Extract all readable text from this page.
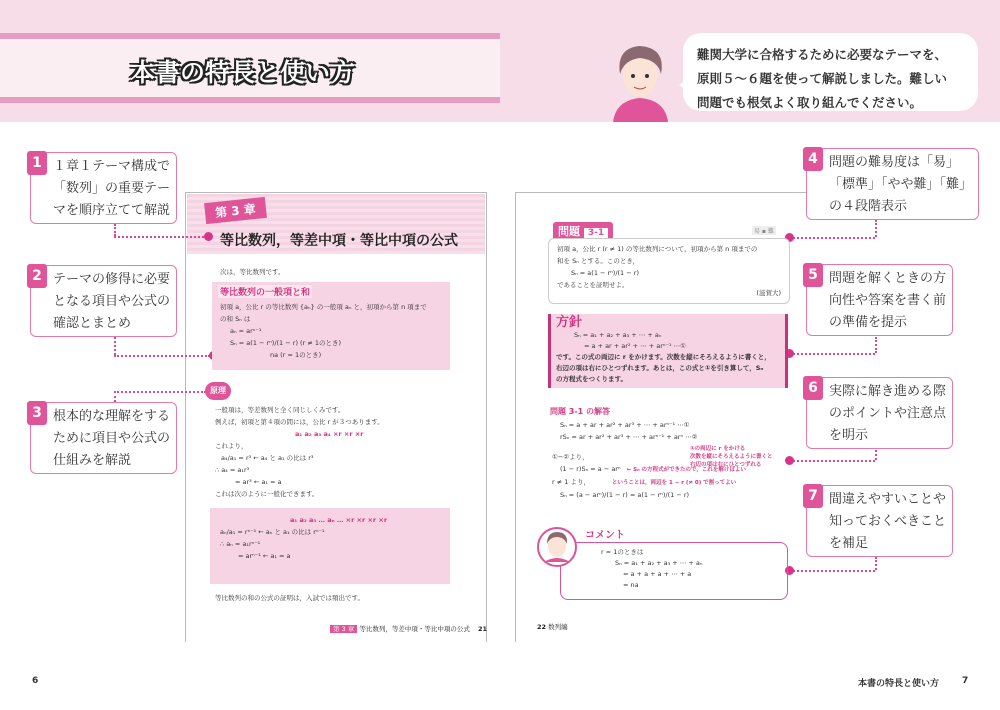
本書の特長と使い方
難関大学に合格するために必要なテーマを、
原則５〜６題を使って解説しました。難しい
問題でも根気よく取り組んでください。
1 １章１テーマ構成で
「数列」の重要テー
マを順序立てて解説
2 テーマの修得に必要
となる項目や公式の
確認とまとめ
3 根本的な理解をする
ために項目や公式の
仕組みを解説
4 問題の難易度は「易」
「標準」「やや難」「難」
の４段階表示
5 問題を解くときの方
向性や答案を書く前
の準備を提示
6 実際に解き進める際
のポイントや注意点
を明示
7 間違えやすいことや
知っておくべきこと
を補足
第 3 章
等比数列，等差中項・等比中項の公式
次は，等比数列です。
等比数列の一般項と和
初項 a，公比 r の等比数列 {aₙ} の一般項 aₙ と，初項から第 n 項まで
の和 Sₙ は
aₙ = arⁿ⁻¹
Sₙ = a(1 − rⁿ)/(1 − r) (r ≠ 1のとき)
na (r = 1のとき)
原理
一般項は，等差数列と全く同じしくみです。
例えば，初項と第４項の間には，公比 r が３つあります。
a₁ a₂ a₃ a₄ ×r ×r ×r
これより，
a₄/a₁ = r³ ← a₄ と a₁ の比は r³
∴ a₄ = a₁r³
= ar³ ← a₁ = a
これは次のように一般化できます。
a₁ a₂ a₃ … aₙ … ×r ×r ×r ×r
aₙ/a₁ = rⁿ⁻¹ ← aₙ と a₁ の比は rⁿ⁻¹
∴ aₙ = a₁rⁿ⁻¹
= arⁿ⁻¹ ← a₁ = a
等比数列の和の公式の証明は，入試では頻出です。
第 3 章 等比数列，等差中項・等比中項の公式 21
問題 3-1	易 ▪ 難
初項 a，公比 r (r ≠ 1) の等比数列について，初項から第 n 項までの
和を Sₙ とする。このとき，
Sₙ = a(1 − rⁿ)/(1 − r)
であることを証明せよ。
(滋賀大)
方針
Sₙ = a₁ + a₂ + a₃ + ⋯ + aₙ
= a + ar + ar² + ⋯ + arⁿ⁻¹ ⋯①
です。この式の両辺に r をかけます。次数を縦にそろえるように書くと，
右辺の項は右にひとつずれます。あとは，この式と①を引き算して，Sₙ
の方程式をつくります。
問題 3-1 の解答
Sₙ = a + ar + ar² + ar³ + ⋯ + arⁿ⁻¹ ⋯①
rSₙ = ar + ar² + ar³ + ⋯ + arⁿ⁻¹ + arⁿ ⋯②
①−②より，
(1 − r)Sₙ = a − arⁿ ← Sₙ の方程式ができたので，これを解けばよい
r ≠ 1 より，	ということは，両辺を 1 − r (≠ 0) で割ってよい
Sₙ = (a − arⁿ)/(1 − r) = a(1 − rⁿ)/(1 − r)
①の両辺に r をかける
次数を縦にそろえるように書くと
右辺の項は右にひとつずれる
コメント
r = 1のときは
Sₙ = a₁ + a₂ + a₃ + ⋯ + aₙ
= a + a + a + ⋯ + a
= na
22 数列編
6	本書の特長と使い方	7
